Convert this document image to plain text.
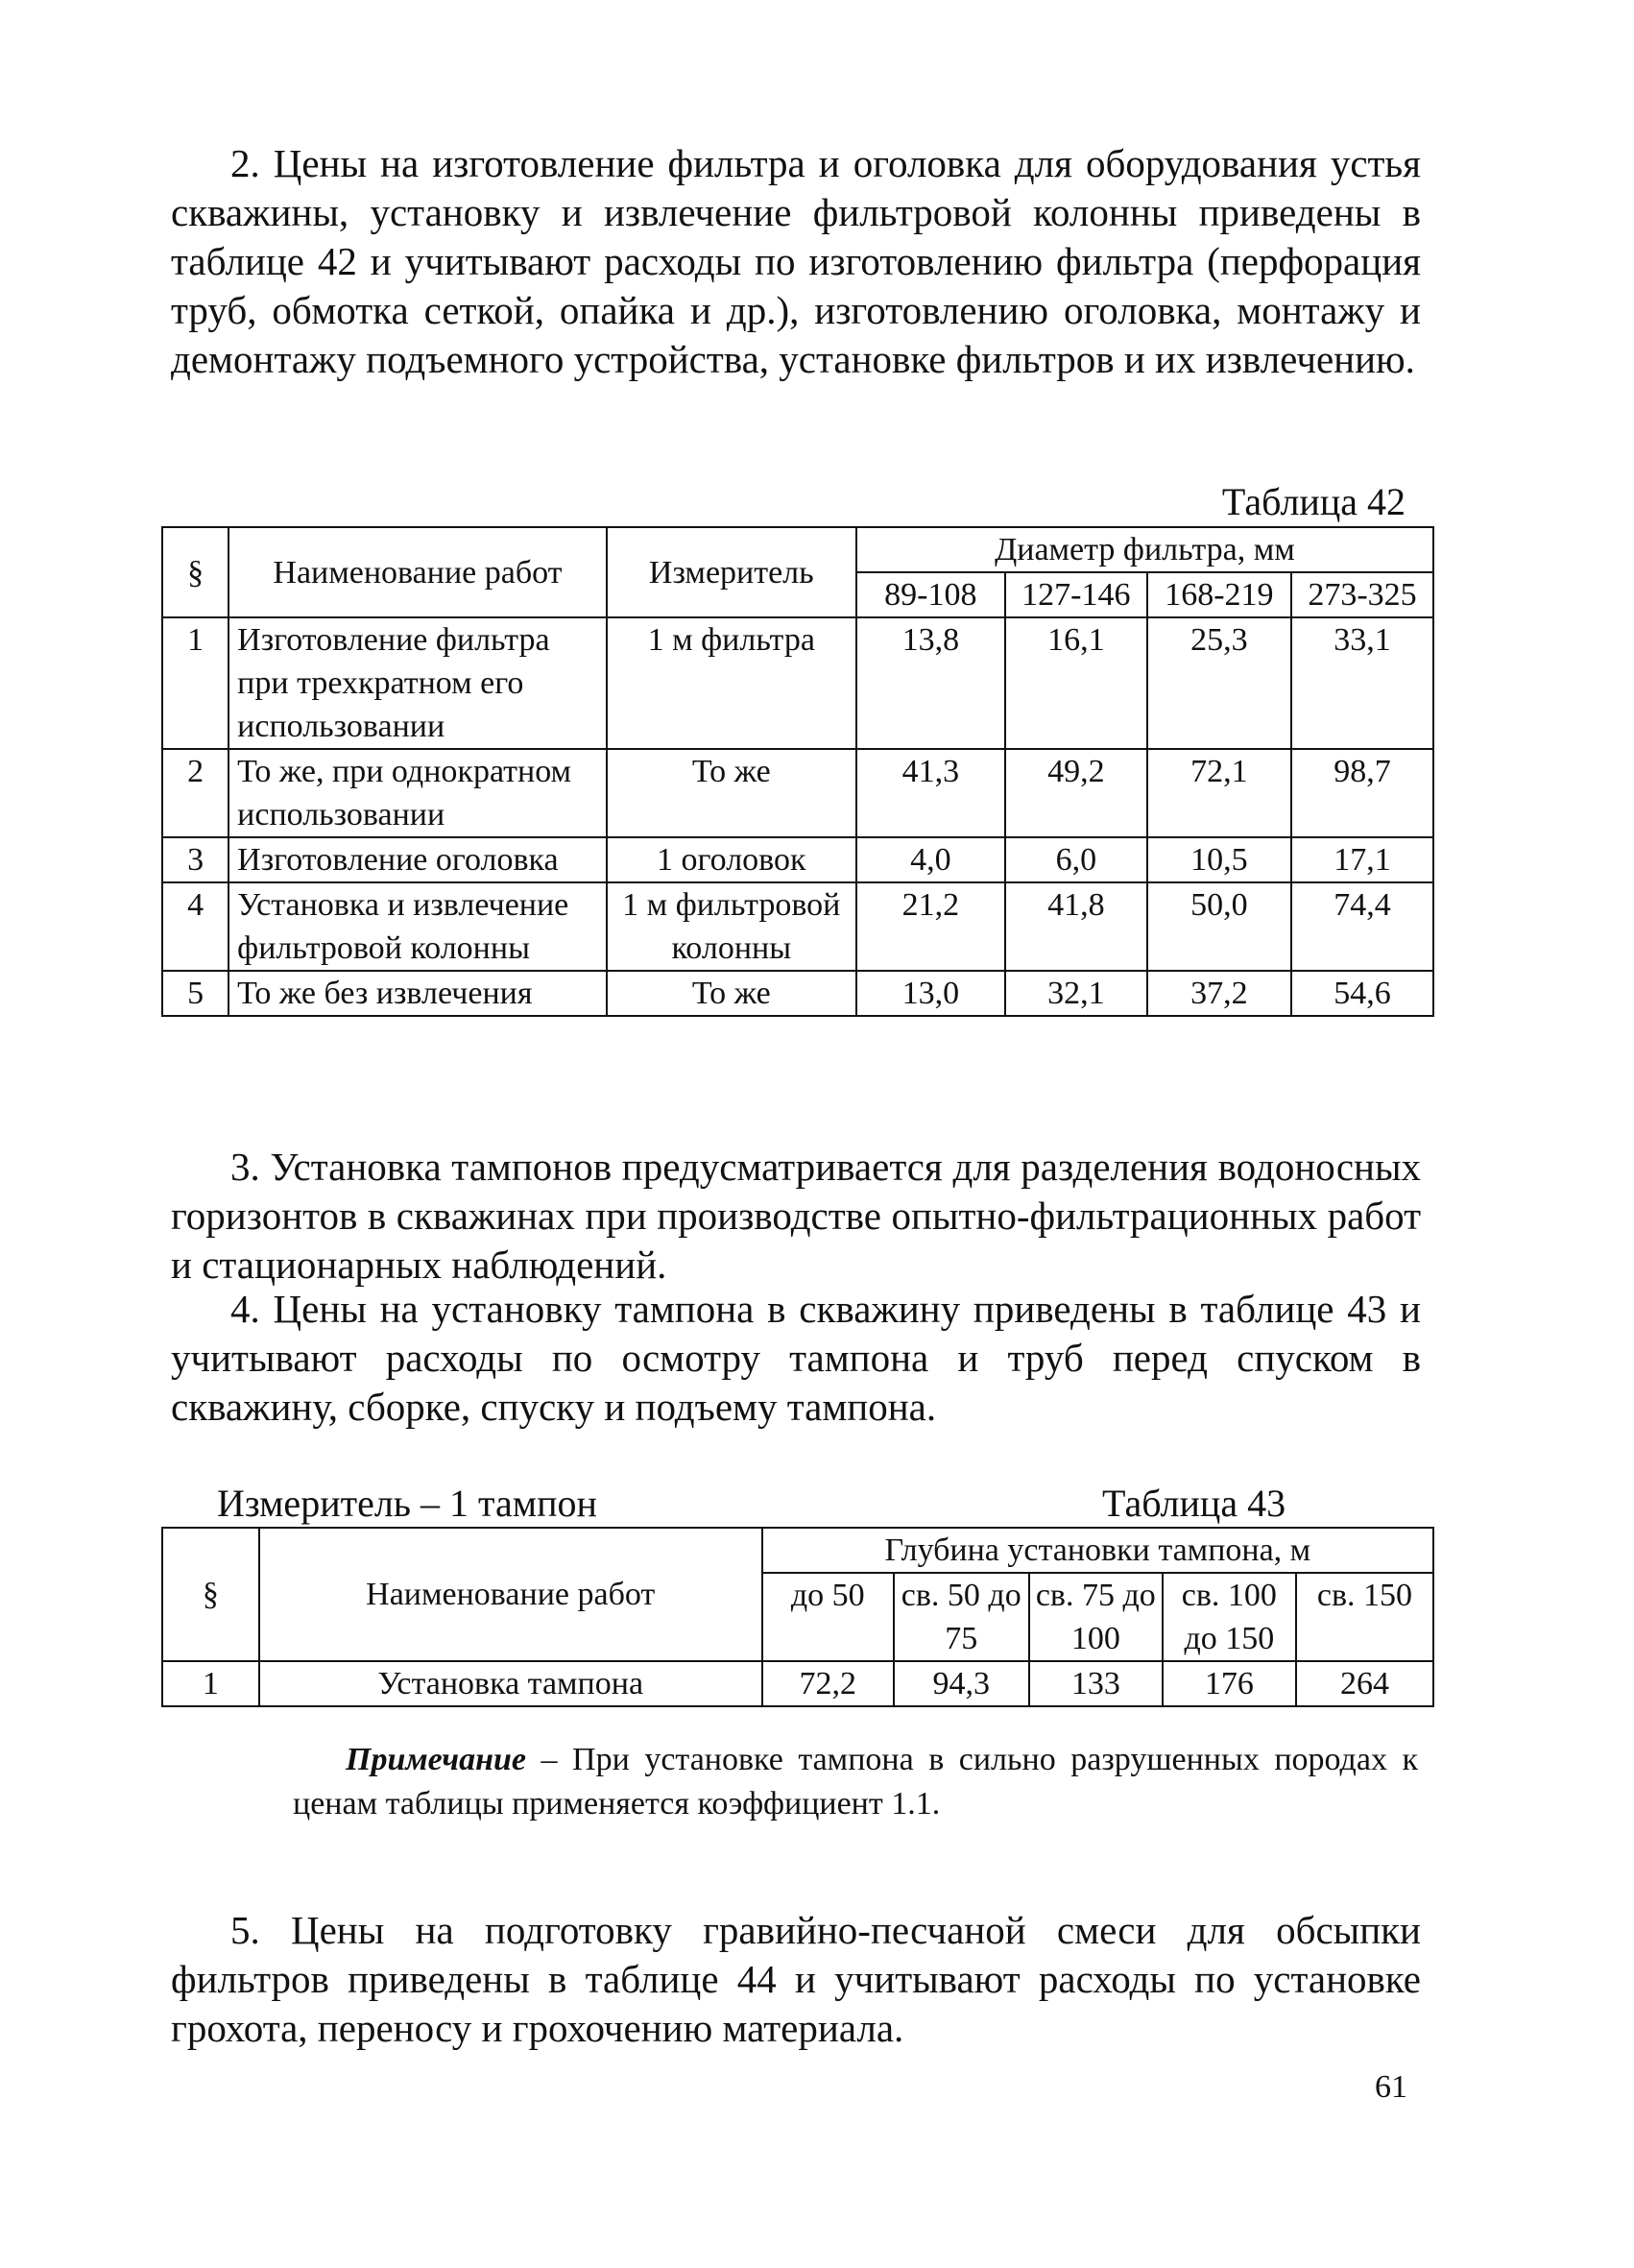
2. Цены на изготовление фильтра и оголовка для оборудования устья скважины, установку и извлечение фильтровой колонны приведены в таблице 42 и учитывают расходы по изготовлению фильтра (перфорация труб, обмотка сеткой, опайка и др.), изготовлению оголовка, монтажу и демонтажу подъемного устройства, установке фильтров и их извлечению.

Таблица 42

§	Наименование работ	Измеритель	Диаметр фильтра, мм			
			89-108	127-146	168-219	273-325
1	Изготовление фильтра при трехкратном его использовании	1 м фильтра	13,8	16,1	25,3	33,1
2	То же, при однократном использовании	То же	41,3	49,2	72,1	98,7
3	Изготовление оголовка	1 оголовок	4,0	6,0	10,5	17,1
4	Установка и извлечение фильтровой колонны	1 м фильтровой колонны	21,2	41,8	50,0	74,4
5	То же без извлечения	То же	13,0	32,1	37,2	54,6

3. Установка тампонов предусматривается для разделения водоносных горизонтов в скважинах при производстве опытно-фильтрационных работ и стационарных наблюдений.

4. Цены на установку тампона в скважину приведены в таблице 43 и учитывают расходы по осмотру тампона и труб перед спуском в скважину, сборке, спуску и подъему тампона.

Измеритель – 1 тампон	Таблица 43

§	Наименование работ	Глубина установки тампона, м				
		до 50	св. 50 до 75	св. 75 до 100	св. 100 до 150	св. 150
1	Установка тампона	72,2	94,3	133	176	264

Примечание – При установке тампона в сильно разрушенных породах к ценам таблицы применяется коэффициент 1.1.

5. Цены на подготовку гравийно-песчаной смеси для обсыпки фильтров приведены в таблице 44 и учитывают расходы по установке грохота, переносу и грохочению материала.

61
